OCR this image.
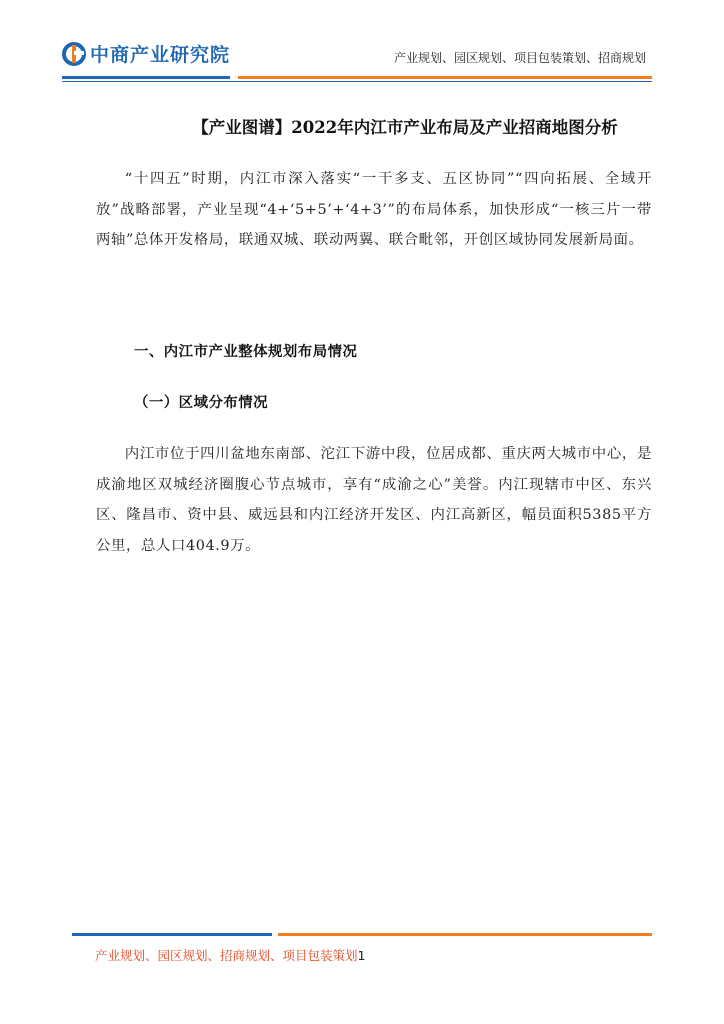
中商产业研究院	产业规划、园区规划、项目包装策划、招商规划
【产业图谱】2022年内江市产业布局及产业招商地图分析

“十四五”时期，内江市深入落实“一干多支、五区协同”“四向拓展、全域开放”战略部署，产业呈现“4+‘5+5’+‘4+3’”的布局体系，加快形成“一核三片一带两轴”总体开发格局，联通双城、联动两翼、联合毗邻，开创区域协同发展新局面。

一、内江市产业整体规划布局情况
（一）区域分布情况

内江市位于四川盆地东南部、沱江下游中段，位居成都、重庆两大城市中心，是成渝地区双城经济圈腹心节点城市，享有“成渝之心”美誉。内江现辖市中区、东兴区、隆昌市、资中县、威远县和内江经济开发区、内江高新区，幅员面积5385平方公里，总人口404.9万。

产业规划、园区规划、招商规划、项目包装策划1
